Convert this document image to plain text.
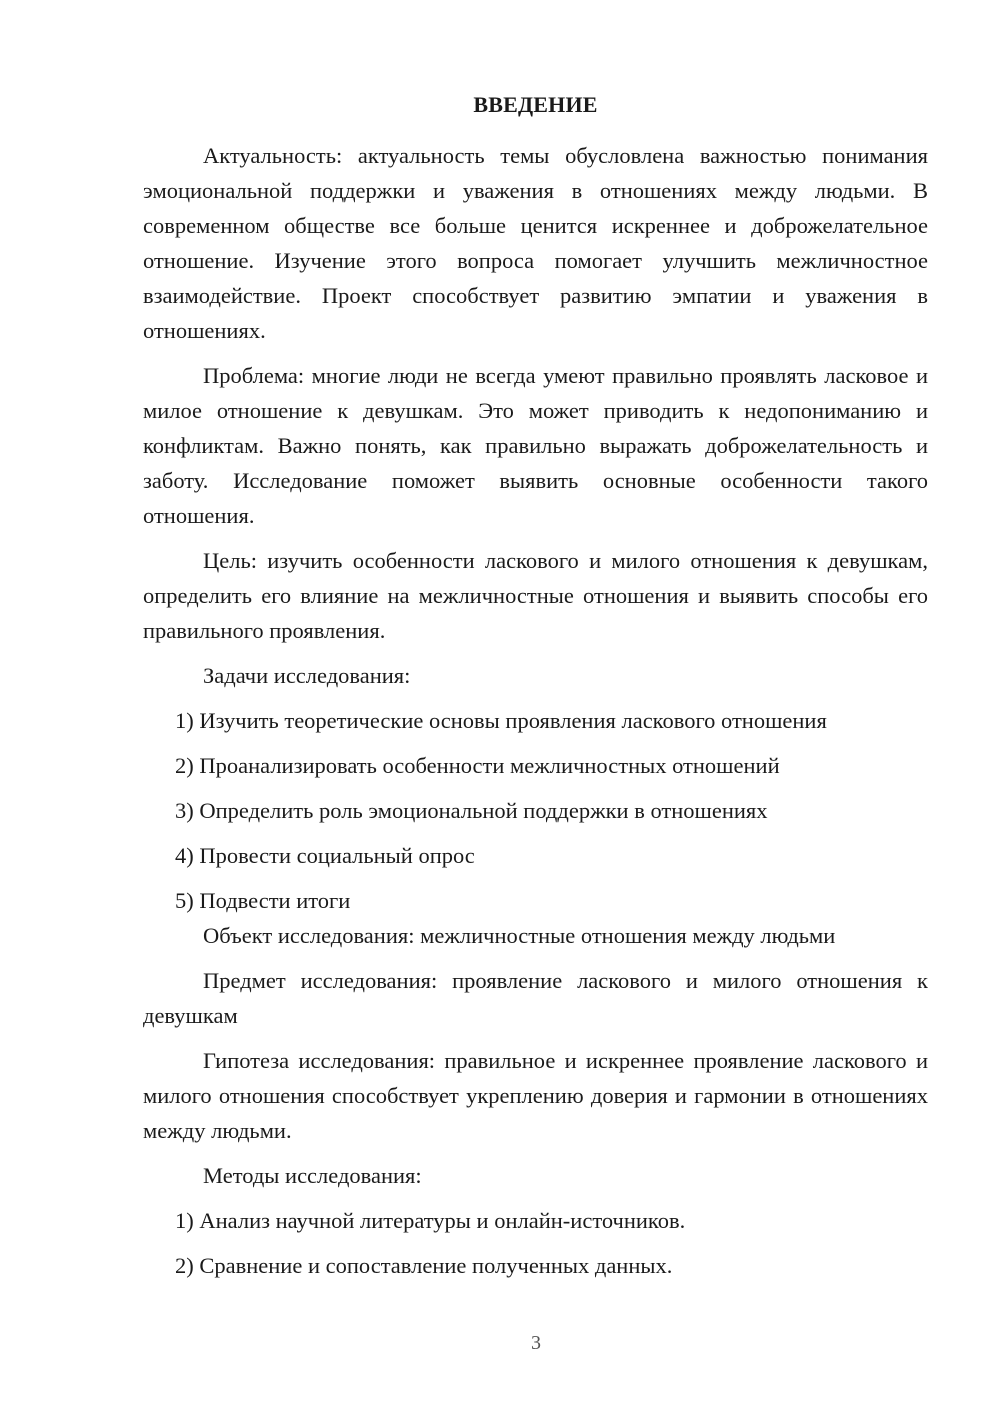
ВВЕДЕНИЕ

Актуальность: актуальность темы обусловлена важностью понимания эмоциональной поддержки и уважения в отношениях между людьми. В современном обществе все больше ценится искреннее и доброжелательное отношение. Изучение этого вопроса помогает улучшить межличностное взаимодействие. Проект способствует развитию эмпатии и уважения в отношениях.

Проблема: многие люди не всегда умеют правильно проявлять ласковое и милое отношение к девушкам. Это может приводить к недопониманию и конфликтам. Важно понять, как правильно выражать доброжелательность и заботу. Исследование поможет выявить основные особенности такого отношения.

Цель: изучить особенности ласкового и милого отношения к девушкам, определить его влияние на межличностные отношения и выявить способы его правильного проявления.

Задачи исследования:

1) Изучить теоретические основы проявления ласкового отношения

2) Проанализировать особенности межличностных отношений

3) Определить роль эмоциональной поддержки в отношениях

4) Провести социальный опрос

5) Подвести итоги

Объект исследования: межличностные отношения между людьми

Предмет исследования: проявление ласкового и милого отношения к девушкам

Гипотеза исследования: правильное и искреннее проявление ласкового и милого отношения способствует укреплению доверия и гармонии в отношениях между людьми.

Методы исследования:

1) Анализ научной литературы и онлайн-источников.

2) Сравнение и сопоставление полученных данных.

3
